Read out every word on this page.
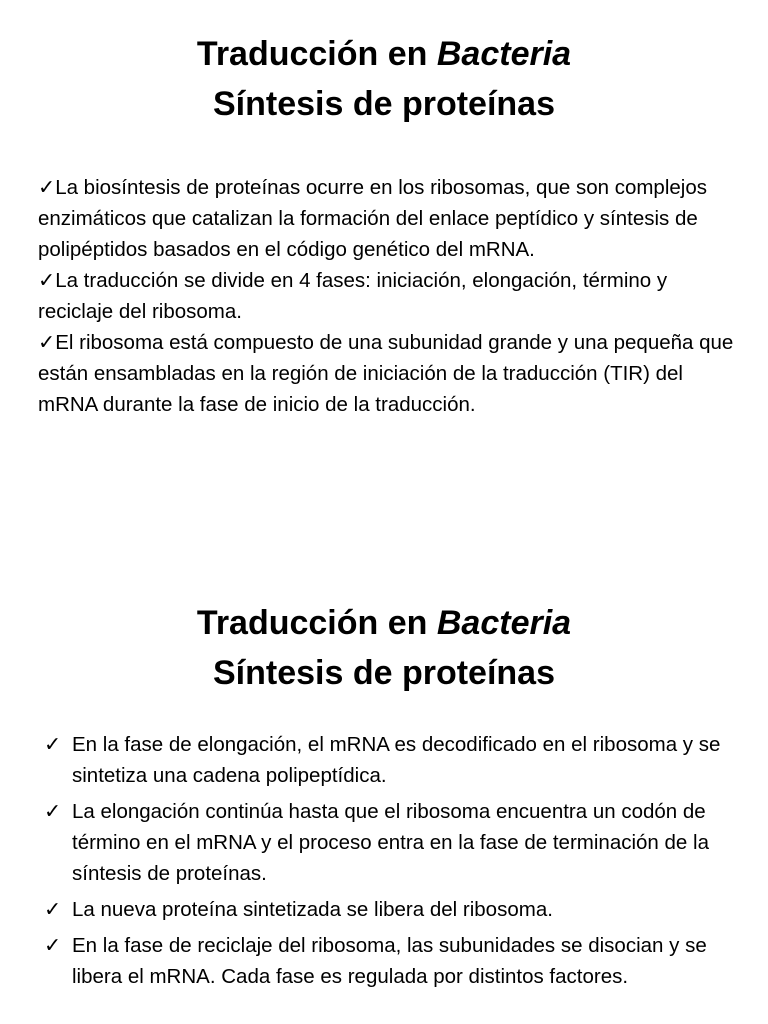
Traducción en Bacteria
Síntesis de proteínas

✓La biosíntesis de proteínas ocurre en los ribosomas, que son complejos enzimáticos que catalizan la formación del enlace peptídico y síntesis de polipéptidos basados en el código genético del mRNA.

✓La traducción se divide en 4 fases: iniciación, elongación, término y reciclaje del ribosoma.

✓El ribosoma está compuesto de una subunidad grande y una pequeña que están ensambladas en la región de iniciación de la traducción (TIR) del mRNA durante la fase de inicio de la traducción.

Traducción en Bacteria
Síntesis de proteínas
✓ En la fase de elongación, el mRNA es decodificado en el ribosoma y se sintetiza una cadena polipeptídica.
✓ La elongación continúa hasta que el ribosoma encuentra un codón de término en el mRNA y el proceso entra en la fase de terminación de la síntesis de proteínas.
✓ La nueva proteína sintetizada se libera del ribosoma.
✓ En la fase de reciclaje del ribosoma, las subunidades se disocian y se libera el mRNA. Cada fase es regulada por distintos factores.
